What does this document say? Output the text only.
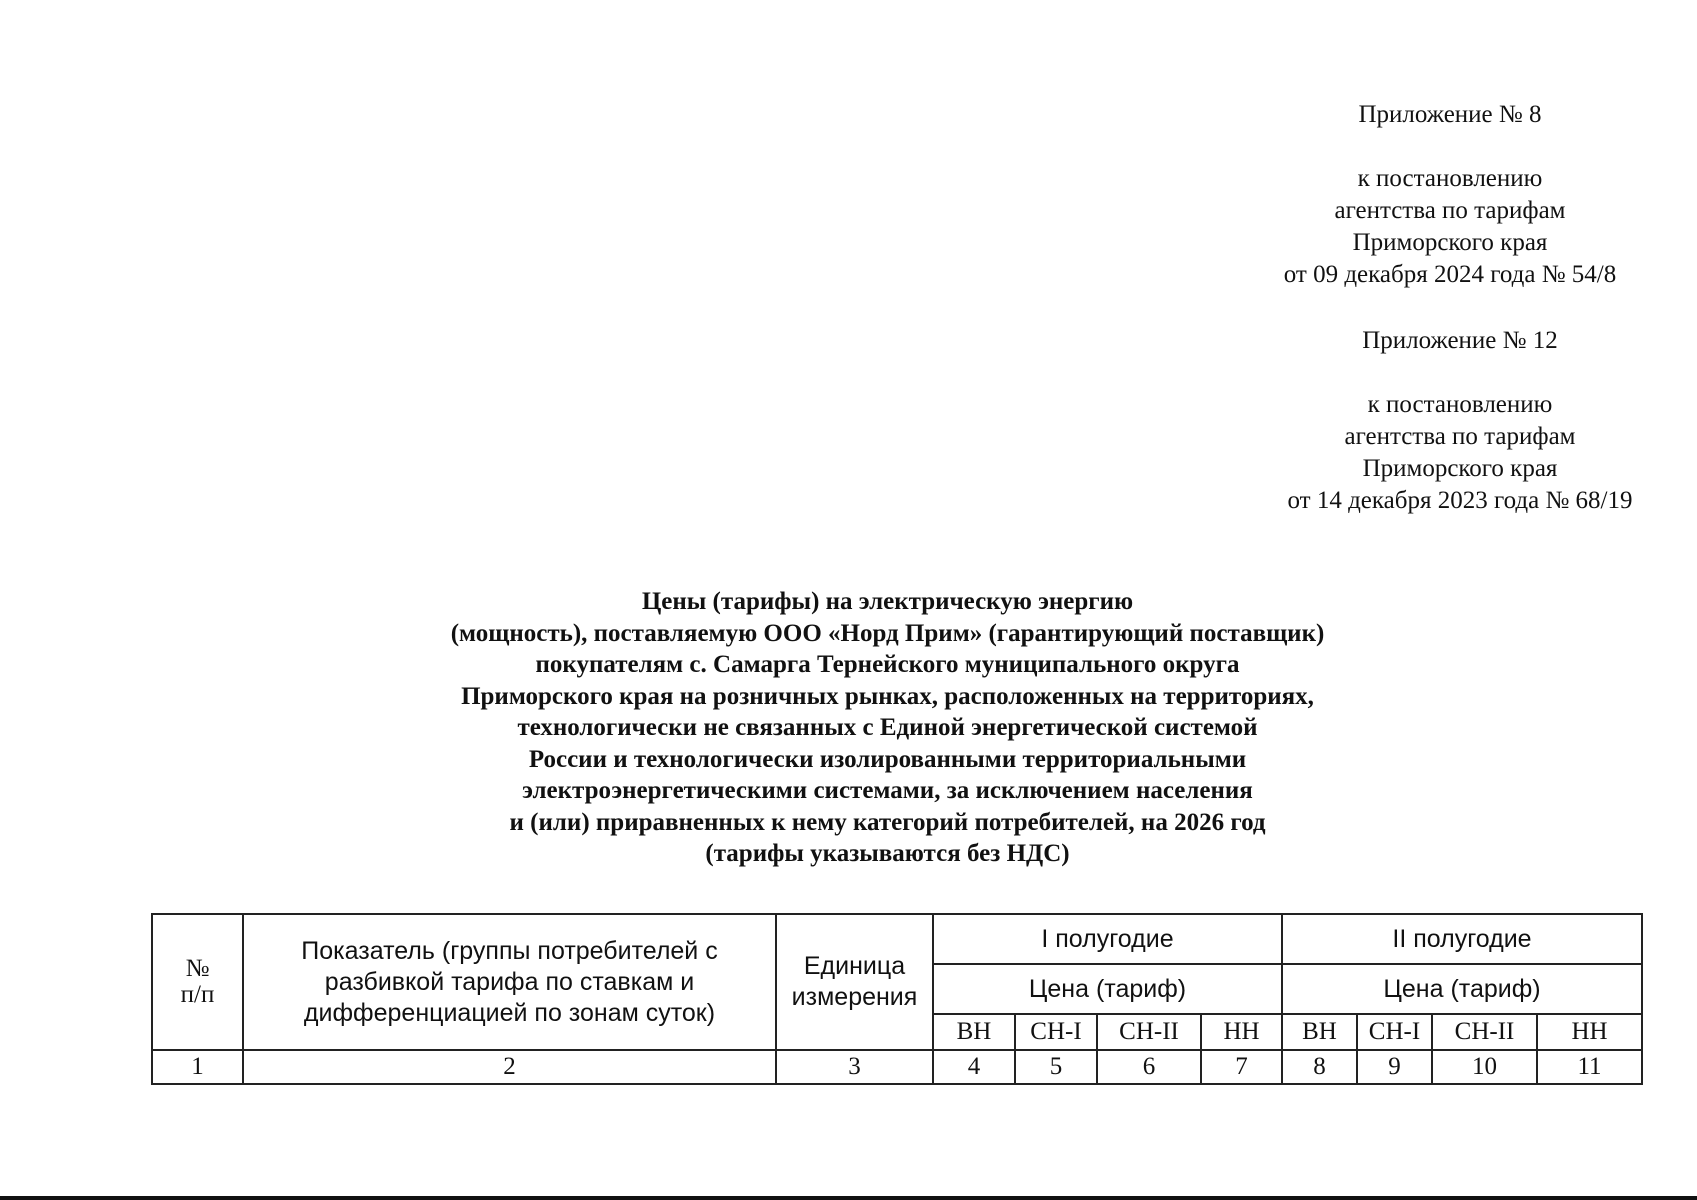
Приложение № 8
к постановлению
агентства по тарифам
Приморского края
от 09 декабря 2024 года № 54/8
Приложение № 12
к постановлению
агентства по тарифам
Приморского края
от 14 декабря 2023 года № 68/19
Цены (тарифы) на электрическую энергию
(мощность), поставляемую ООО «Норд Прим» (гарантирующий поставщик)
покупателям с. Самарга Тернейского муниципального округа
Приморского края на розничных рынках, расположенных на территориях,
технологически не связанных с Единой энергетической системой
России и технологически изолированными территориальными
электроэнергетическими системами, за исключением населения
и (или) приравненных к нему категорий потребителей, на 2026 год
(тарифы указываются без НДС)
№ п/п	Показатель (группы потребителей с разбивкой тарифа по ставкам и дифференциацией по зонам суток)	Единица измерения	I полугодие				II полугодие			
			Цена (тариф)				Цена (тариф)			
			ВН	СН-I	СН-II	НН	ВН	СН-I	СН-II	НН
1	2	3	4	5	6	7	8	9	10	11
